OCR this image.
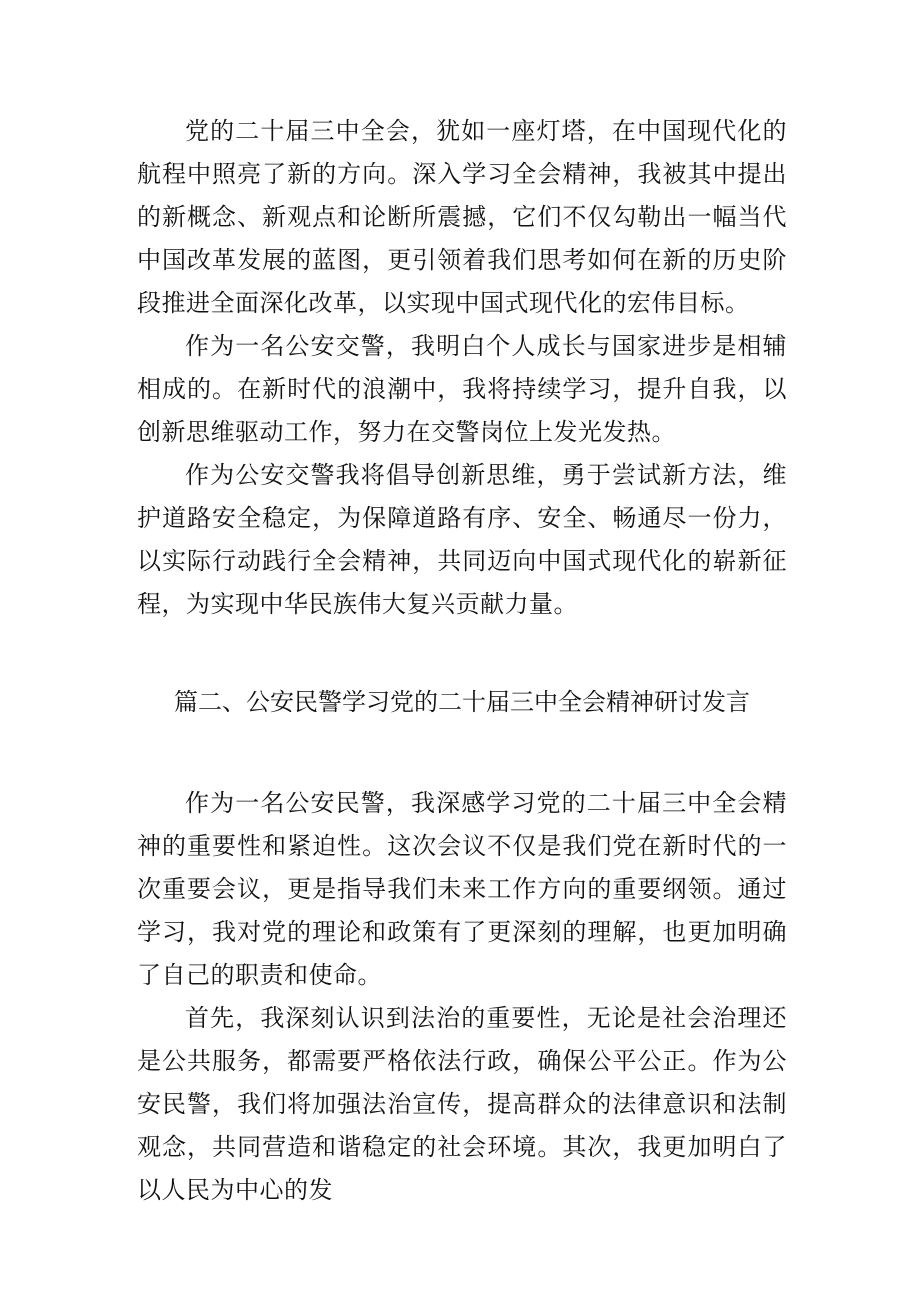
党的二十届三中全会，犹如一座灯塔，在中国现代化的航程中照亮了新的方向。深入学习全会精神，我被其中提出的新概念、新观点和论断所震撼，它们不仅勾勒出一幅当代中国改革发展的蓝图，更引领着我们思考如何在新的历史阶段推进全面深化改革，以实现中国式现代化的宏伟目标。

作为一名公安交警，我明白个人成长与国家进步是相辅相成的。在新时代的浪潮中，我将持续学习，提升自我，以创新思维驱动工作，努力在交警岗位上发光发热。

作为公安交警我将倡导创新思维，勇于尝试新方法，维护道路安全稳定，为保障道路有序、安全、畅通尽一份力，以实际行动践行全会精神，共同迈向中国式现代化的崭新征程，为实现中华民族伟大复兴贡献力量。

篇二、公安民警学习党的二十届三中全会精神研讨发言

作为一名公安民警，我深感学习党的二十届三中全会精神的重要性和紧迫性。这次会议不仅是我们党在新时代的一次重要会议，更是指导我们未来工作方向的重要纲领。通过学习，我对党的理论和政策有了更深刻的理解，也更加明确了自己的职责和使命。

首先，我深刻认识到法治的重要性，无论是社会治理还是公共服务，都需要严格依法行政，确保公平公正。作为公安民警，我们将加强法治宣传，提高群众的法律意识和法制观念，共同营造和谐稳定的社会环境。其次，我更加明白了以人民为中心的发
